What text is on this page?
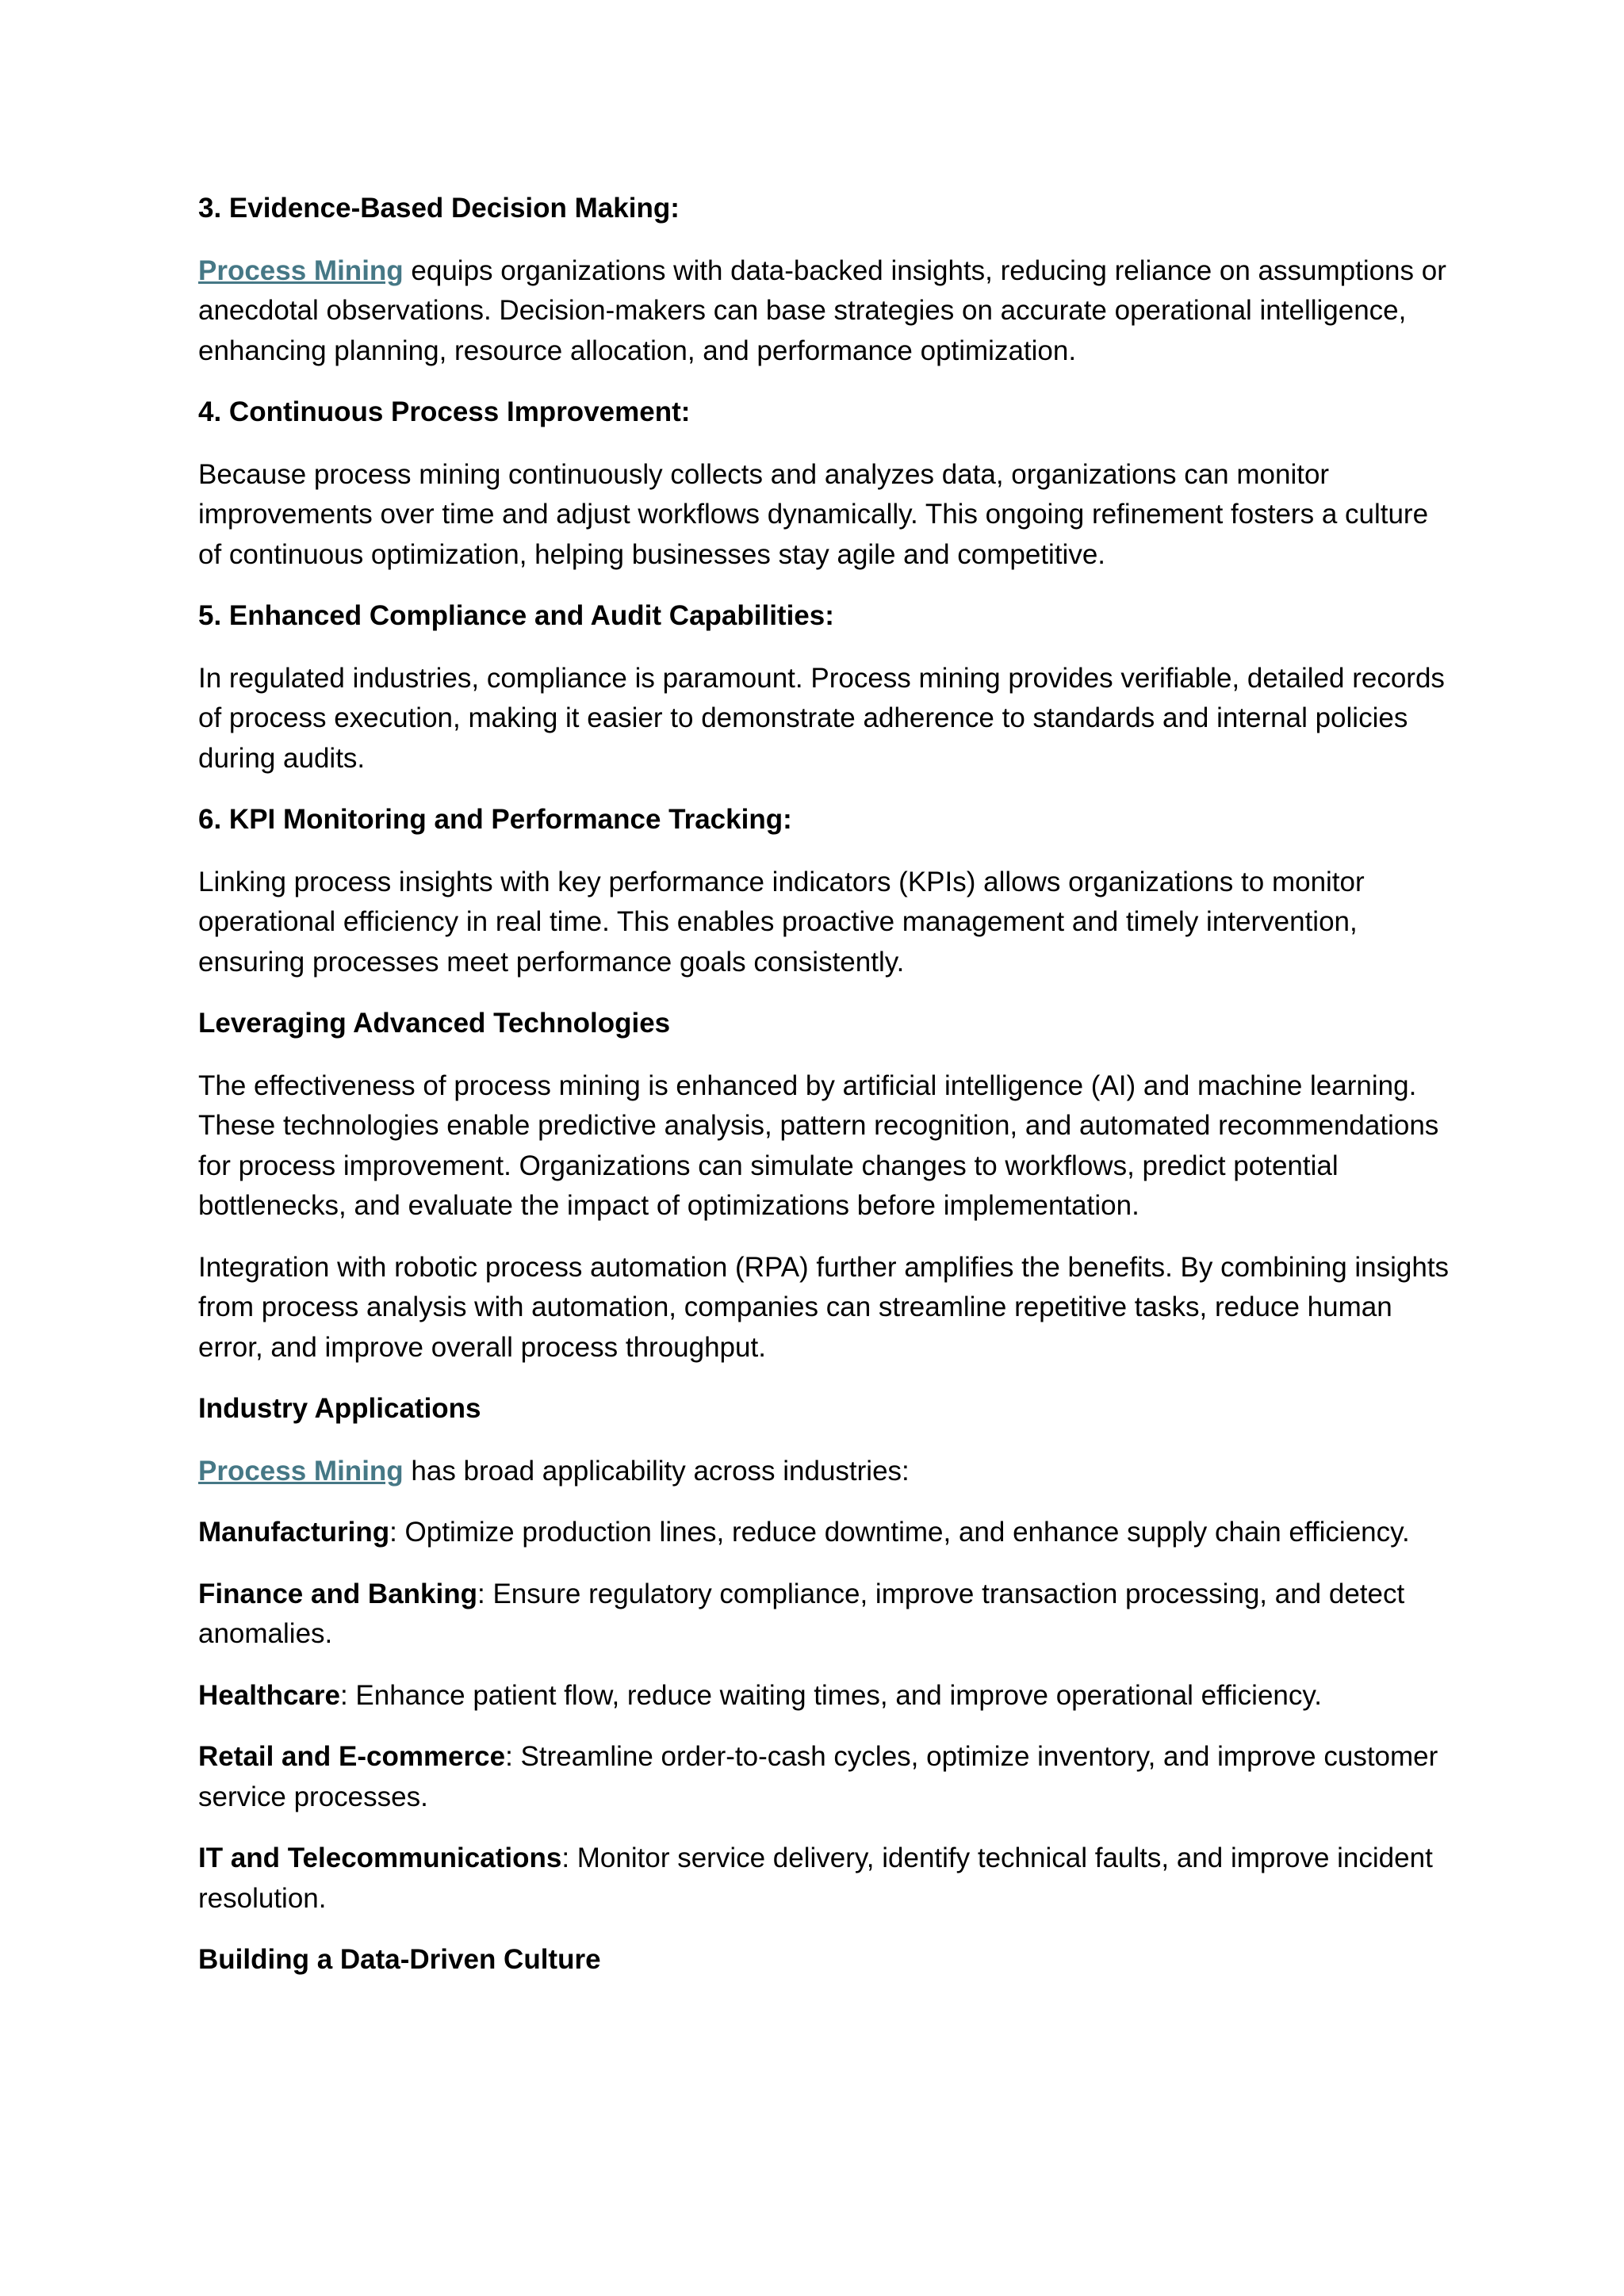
3. Evidence-Based Decision Making:

Process Mining equips organizations with data-backed insights, reducing reliance on assumptions or anecdotal observations. Decision-makers can base strategies on accurate operational intelligence, enhancing planning, resource allocation, and performance optimization.

4. Continuous Process Improvement:

Because process mining continuously collects and analyzes data, organizations can monitor improvements over time and adjust workflows dynamically. This ongoing refinement fosters a culture of continuous optimization, helping businesses stay agile and competitive.

5. Enhanced Compliance and Audit Capabilities:

In regulated industries, compliance is paramount. Process mining provides verifiable, detailed records of process execution, making it easier to demonstrate adherence to standards and internal policies during audits.

6. KPI Monitoring and Performance Tracking:

Linking process insights with key performance indicators (KPIs) allows organizations to monitor operational efficiency in real time. This enables proactive management and timely intervention, ensuring processes meet performance goals consistently.

Leveraging Advanced Technologies

The effectiveness of process mining is enhanced by artificial intelligence (AI) and machine learning. These technologies enable predictive analysis, pattern recognition, and automated recommendations for process improvement. Organizations can simulate changes to workflows, predict potential bottlenecks, and evaluate the impact of optimizations before implementation.

Integration with robotic process automation (RPA) further amplifies the benefits. By combining insights from process analysis with automation, companies can streamline repetitive tasks, reduce human error, and improve overall process throughput.

Industry Applications

Process Mining has broad applicability across industries:

Manufacturing: Optimize production lines, reduce downtime, and enhance supply chain efficiency.

Finance and Banking: Ensure regulatory compliance, improve transaction processing, and detect anomalies.

Healthcare: Enhance patient flow, reduce waiting times, and improve operational efficiency.

Retail and E-commerce: Streamline order-to-cash cycles, optimize inventory, and improve customer service processes.

IT and Telecommunications: Monitor service delivery, identify technical faults, and improve incident resolution.

Building a Data-Driven Culture
